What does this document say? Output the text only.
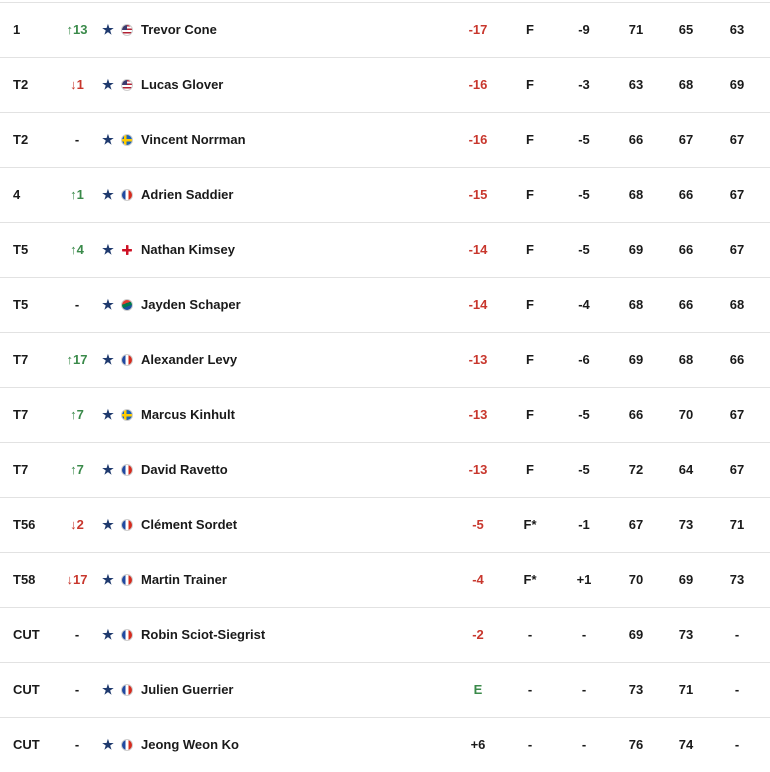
1	↑13	★ Trevor Cone	-17	F	-9	71	65	63
T2	↓1	★ Lucas Glover	-16	F	-3	63	68	69
T2	-	★ Vincent Norrman	-16	F	-5	66	67	67
4	↑1	★ Adrien Saddier	-15	F	-5	68	66	67
T5	↑4	★ Nathan Kimsey	-14	F	-5	69	66	67
T5	-	★ Jayden Schaper	-14	F	-4	68	66	68
T7	↑17	★ Alexander Levy	-13	F	-6	69	68	66
T7	↑7	★ Marcus Kinhult	-13	F	-5	66	70	67
T7	↑7	★ David Ravetto	-13	F	-5	72	64	67
T56	↓2	★ Clément Sordet	-5	F*	-1	67	73	71
T58	↓17	★ Martin Trainer	-4	F*	+1	70	69	73
CUT	-	★ Robin Sciot-Siegrist	-2	-	-	69	73	-
CUT	-	★ Julien Guerrier	E	-	-	73	71	-
CUT	-	★ Jeong Weon Ko	+6	-	-	76	74	-
